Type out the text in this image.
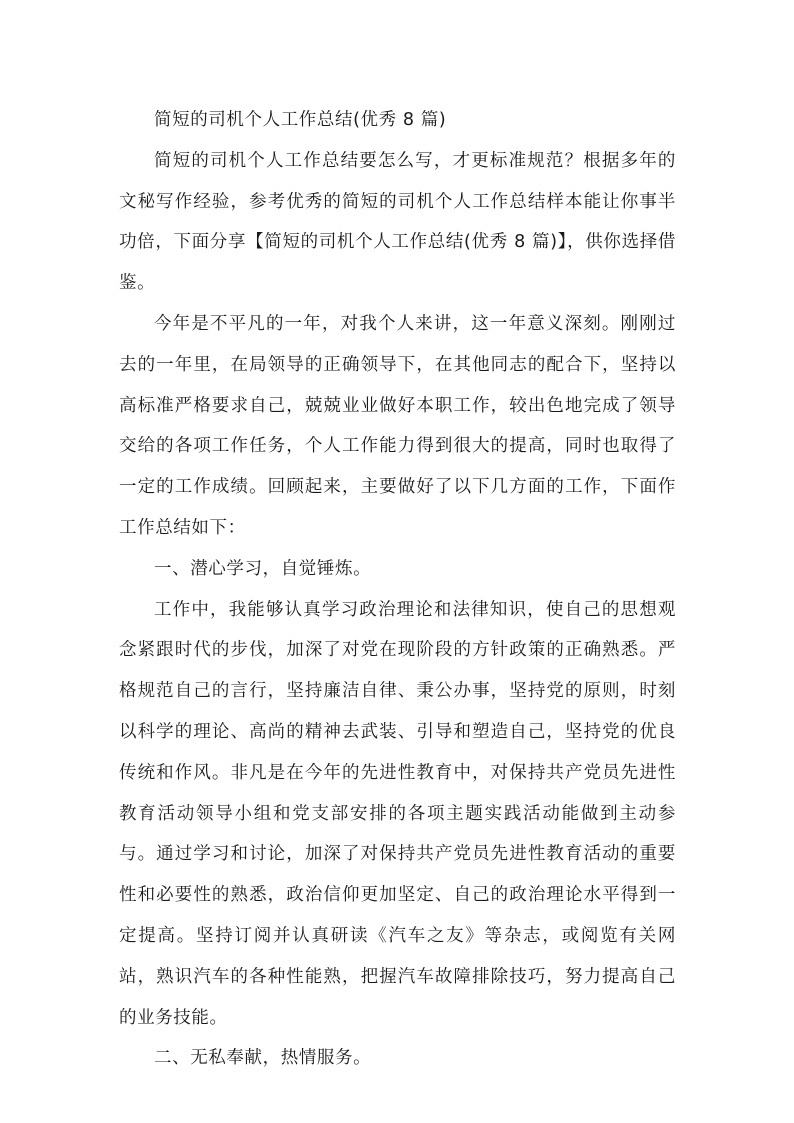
简短的司机个人工作总结(优秀 8 篇)

简短的司机个人工作总结要怎么写，才更标准规范？根据多年的文秘写作经验，参考优秀的简短的司机个人工作总结样本能让你事半功倍，下面分享【简短的司机个人工作总结(优秀 8 篇)】，供你选择借鉴。

今年是不平凡的一年，对我个人来讲，这一年意义深刻。刚刚过去的一年里，在局领导的正确领导下，在其他同志的配合下，坚持以高标准严格要求自己，兢兢业业做好本职工作，较出色地完成了领导交给的各项工作任务，个人工作能力得到很大的提高，同时也取得了一定的工作成绩。回顾起来，主要做好了以下几方面的工作，下面作工作总结如下：

一、潜心学习，自觉锤炼。

工作中，我能够认真学习政治理论和法律知识，使自己的思想观念紧跟时代的步伐，加深了对党在现阶段的方针政策的正确熟悉。严格规范自己的言行，坚持廉洁自律、秉公办事，坚持党的原则，时刻以科学的理论、高尚的精神去武装、引导和塑造自己，坚持党的优良传统和作风。非凡是在今年的先进性教育中，对保持共产党员先进性教育活动领导小组和党支部安排的各项主题实践活动能做到主动参与。通过学习和讨论，加深了对保持共产党员先进性教育活动的重要性和必要性的熟悉，政治信仰更加坚定、自己的政治理论水平得到一定提高。坚持订阅并认真研读《汽车之友》等杂志，或阅览有关网站，熟识汽车的各种性能熟，把握汽车故障排除技巧，努力提高自己的业务技能。

二、无私奉献，热情服务。
